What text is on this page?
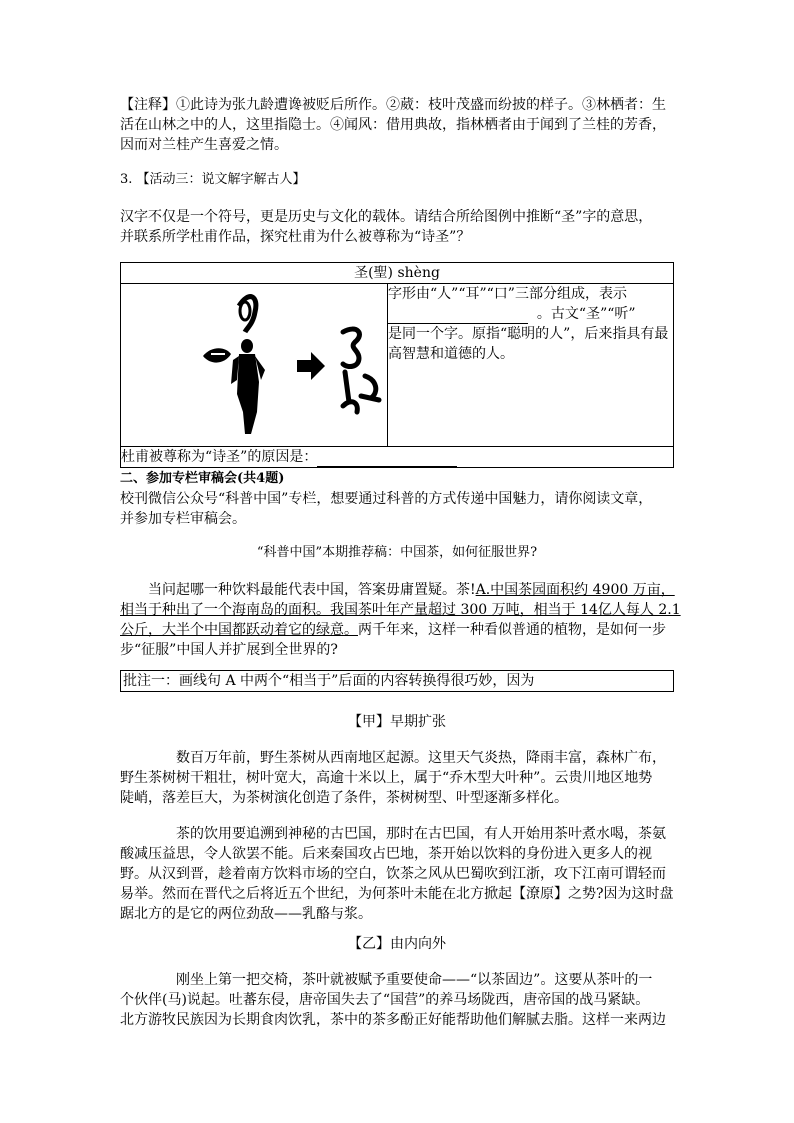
【注释】①此诗为张九龄遭谗被贬后所作。②葳：枝叶茂盛而纷披的样子。③林栖者：生
活在山林之中的人，这里指隐士。④闻风：借用典故，指林栖者由于闻到了兰桂的芳香，
因而对兰桂产生喜爱之情。
3. 【活动三：说文解字解古人】
汉字不仅是一个符号，更是历史与文化的载体。请结合所给图例中推断“圣”字的意思，
并联系所学杜甫作品，探究杜甫为什么被尊称为“诗圣”？
圣(聖) shèng

	字形由“人”“耳”“口”三部分组成，表示
。古文“圣”“听”
是同一个字。原指“聪明的人”，后来指具有最高智慧和道德的人。
杜甫被尊称为“诗圣”的原因是：
二、参加专栏审稿会(共4题)
校刊微信公众号“科普中国”专栏，想要通过科普的方式传递中国魅力，请你阅读文章，
并参加专栏审稿会。
“科普中国”本期推荐稿：中国茶，如何征服世界?
当问起哪一种饮料最能代表中国，答案毋庸置疑。茶!A.中国茶园面积约 4900 万亩，
相当于种出了一个海南岛的面积。我国茶叶年产量超过 300 万吨，相当于 14亿人每人 2.1
公斤，大半个中国都跃动着它的绿意。两千年来，这样一种看似普通的植物，是如何一步
步“征服”中国人并扩展到全世界的?
批注一：画线句 A 中两个“相当于”后面的内容转换得很巧妙，因为
【甲】早期扩张
数百万年前，野生茶树从西南地区起源。这里天气炎热，降雨丰富，森林广布，
野生茶树树干粗壮，树叶宽大，高逾十米以上，属于“乔木型大叶种”。云贵川地区地势
陡峭，落差巨大，为茶树演化创造了条件，茶树树型、叶型逐渐多样化。
茶的饮用要追溯到神秘的古巴国，那时在古巴国，有人开始用茶叶煮水喝，茶氨
酸减压益思，令人欲罢不能。后来秦国攻占巴地，茶开始以饮料的身份进入更多人的视
野。从汉到晋，趁着南方饮料市场的空白，饮茶之风从巴蜀吹到江浙，攻下江南可谓轻而
易举。然而在晋代之后将近五个世纪，为何茶叶未能在北方掀起【潦原】之势?因为这时盘
踞北方的是它的两位劲敌——乳酪与浆。
【乙】由内向外
刚坐上第一把交椅，茶叶就被赋予重要使命——“以茶固边”。这要从茶叶的一
个伙伴(马)说起。吐蕃东侵，唐帝国失去了“国营”的养马场陇西，唐帝国的战马紧缺。
北方游牧民族因为长期食肉饮乳，茶中的茶多酚正好能帮助他们解腻去脂。这样一来两边
